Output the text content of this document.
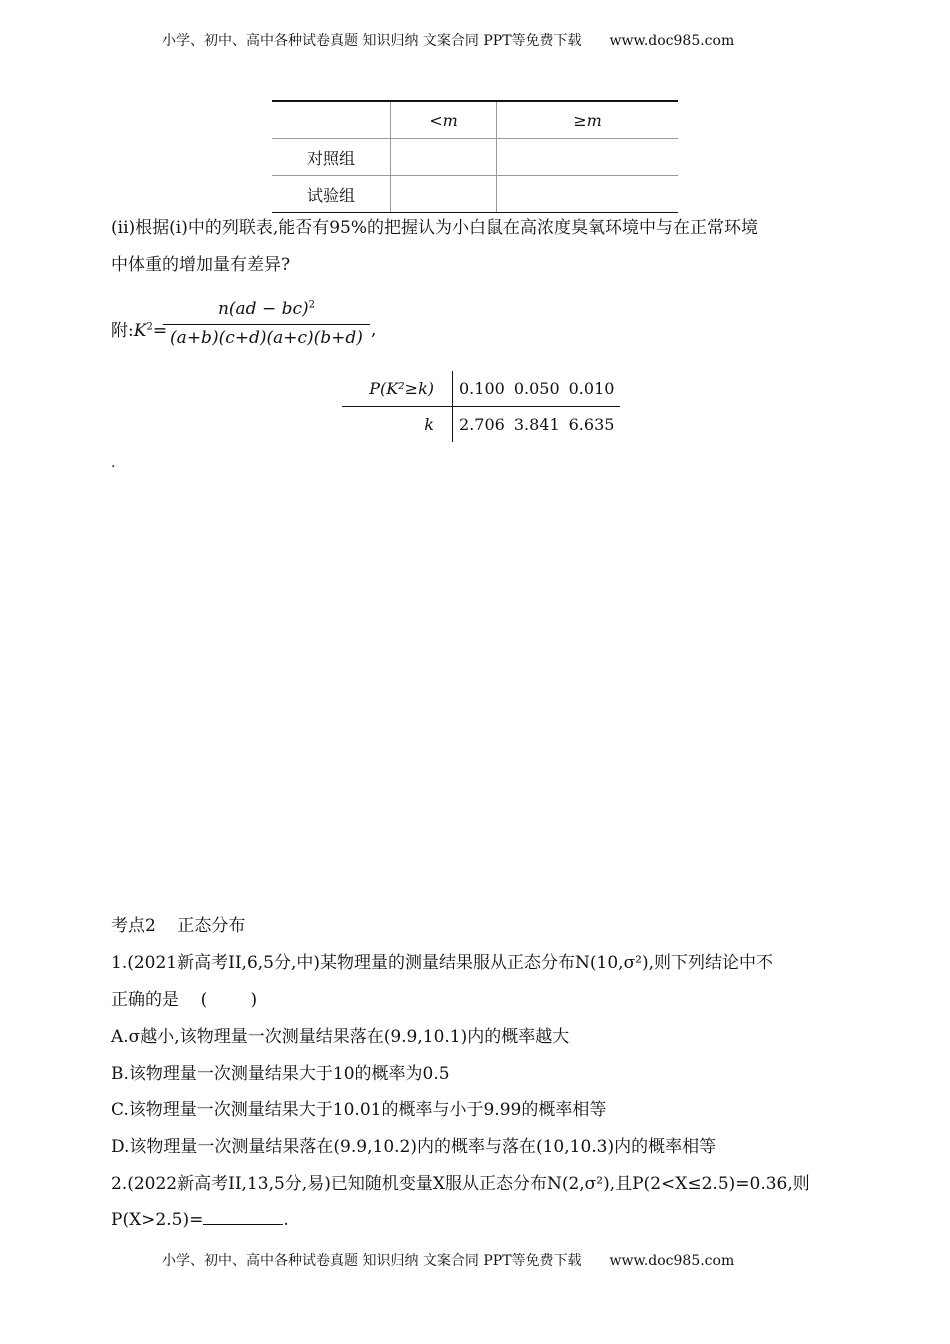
小学、初中、高中各种试卷真题 知识归纳 文案合同 PPT等免费下载 www.doc985.com
	<m	≥m
对照组		
试验组		
(ii)根据(i)中的列联表,能否有95%的把握认为小白鼠在高浓度臭氧环境中与在正常环境
中体重的增加量有差异?
附$:K^2=$
n(ad − bc)$^2$
(a+b)(c+d)(a+c)(b+d) ,
P(K²≥k)	0.100 0.050 0.010
k	2.706 3.841 6.635
.
考点2    正态分布
1.(2021新高考II,6,5分,中)某物理量的测量结果服从正态分布N(10,σ²),则下列结论中不
正确的是    (        )
A.σ越小,该物理量一次测量结果落在(9.9,10.1)内的概率越大
B.该物理量一次测量结果大于10的概率为0.5
C.该物理量一次测量结果大于10.01的概率与小于9.99的概率相等
D.该物理量一次测量结果落在(9.9,10.2)内的概率与落在(10,10.3)内的概率相等
2.(2022新高考II,13,5分,易)已知随机变量X服从正态分布N(2,σ²),且P(2<X≤2.5)=0.36,则
P(X>2.5)=	.
小学、初中、高中各种试卷真题 知识归纳 文案合同 PPT等免费下载 www.doc985.com
